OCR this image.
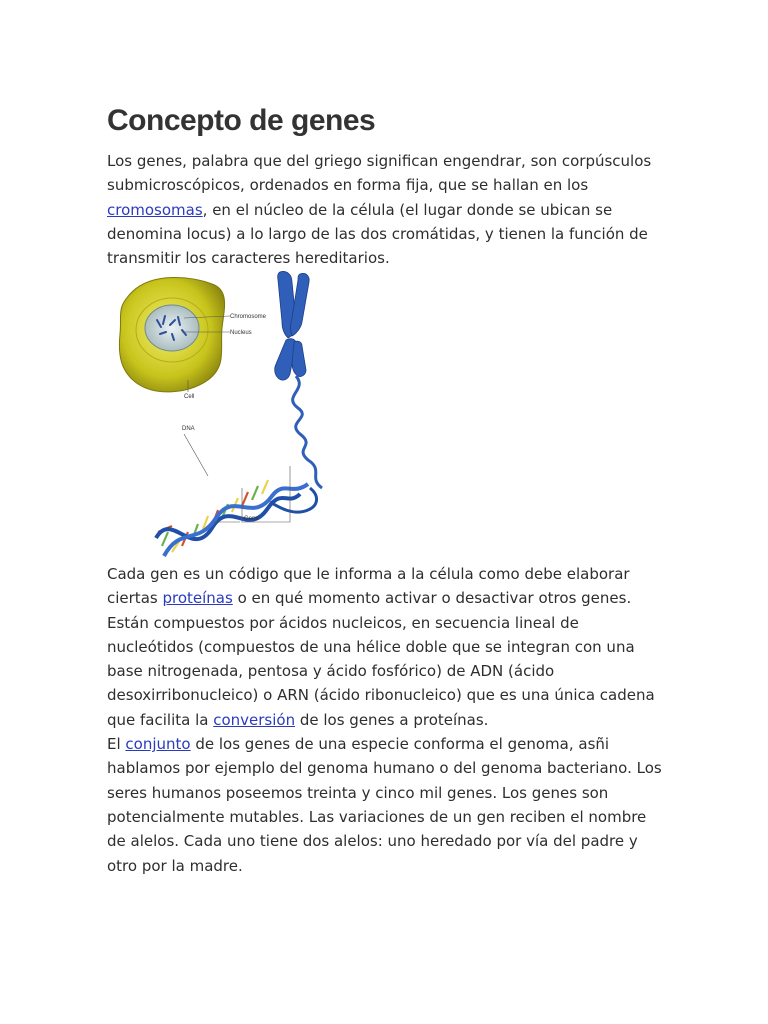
Concepto de genes

Los genes, palabra que del griego significan engendrar, son corpúsculos submicroscópicos, ordenados en forma fija, que se hallan en los cromosomas, en el núcleo de la célula (el lugar donde se ubican se denomina locus) a lo largo de las dos cromátidas, y tienen la función de transmitir los caracteres hereditarios.

Chromosome
Nucleus
Cell
DNA
Gene

Cada gen es un código que le informa a la célula como debe elaborar ciertas proteínas o en qué momento activar o desactivar otros genes. Están compuestos por ácidos nucleicos, en secuencia lineal de nucleótidos (compuestos de una hélice doble que se integran con una base nitrogenada, pentosa y ácido fosfórico) de ADN (ácido desoxirribonucleico) o ARN (ácido ribonucleico) que es una única cadena que facilita la conversión de los genes a proteínas.
El conjunto de los genes de una especie conforma el genoma, asñi hablamos por ejemplo del genoma humano o del genoma bacteriano. Los seres humanos poseemos treinta y cinco mil genes. Los genes son potencialmente mutables. Las variaciones de un gen reciben el nombre de alelos. Cada uno tiene dos alelos: uno heredado por vía del padre y otro por la madre.
